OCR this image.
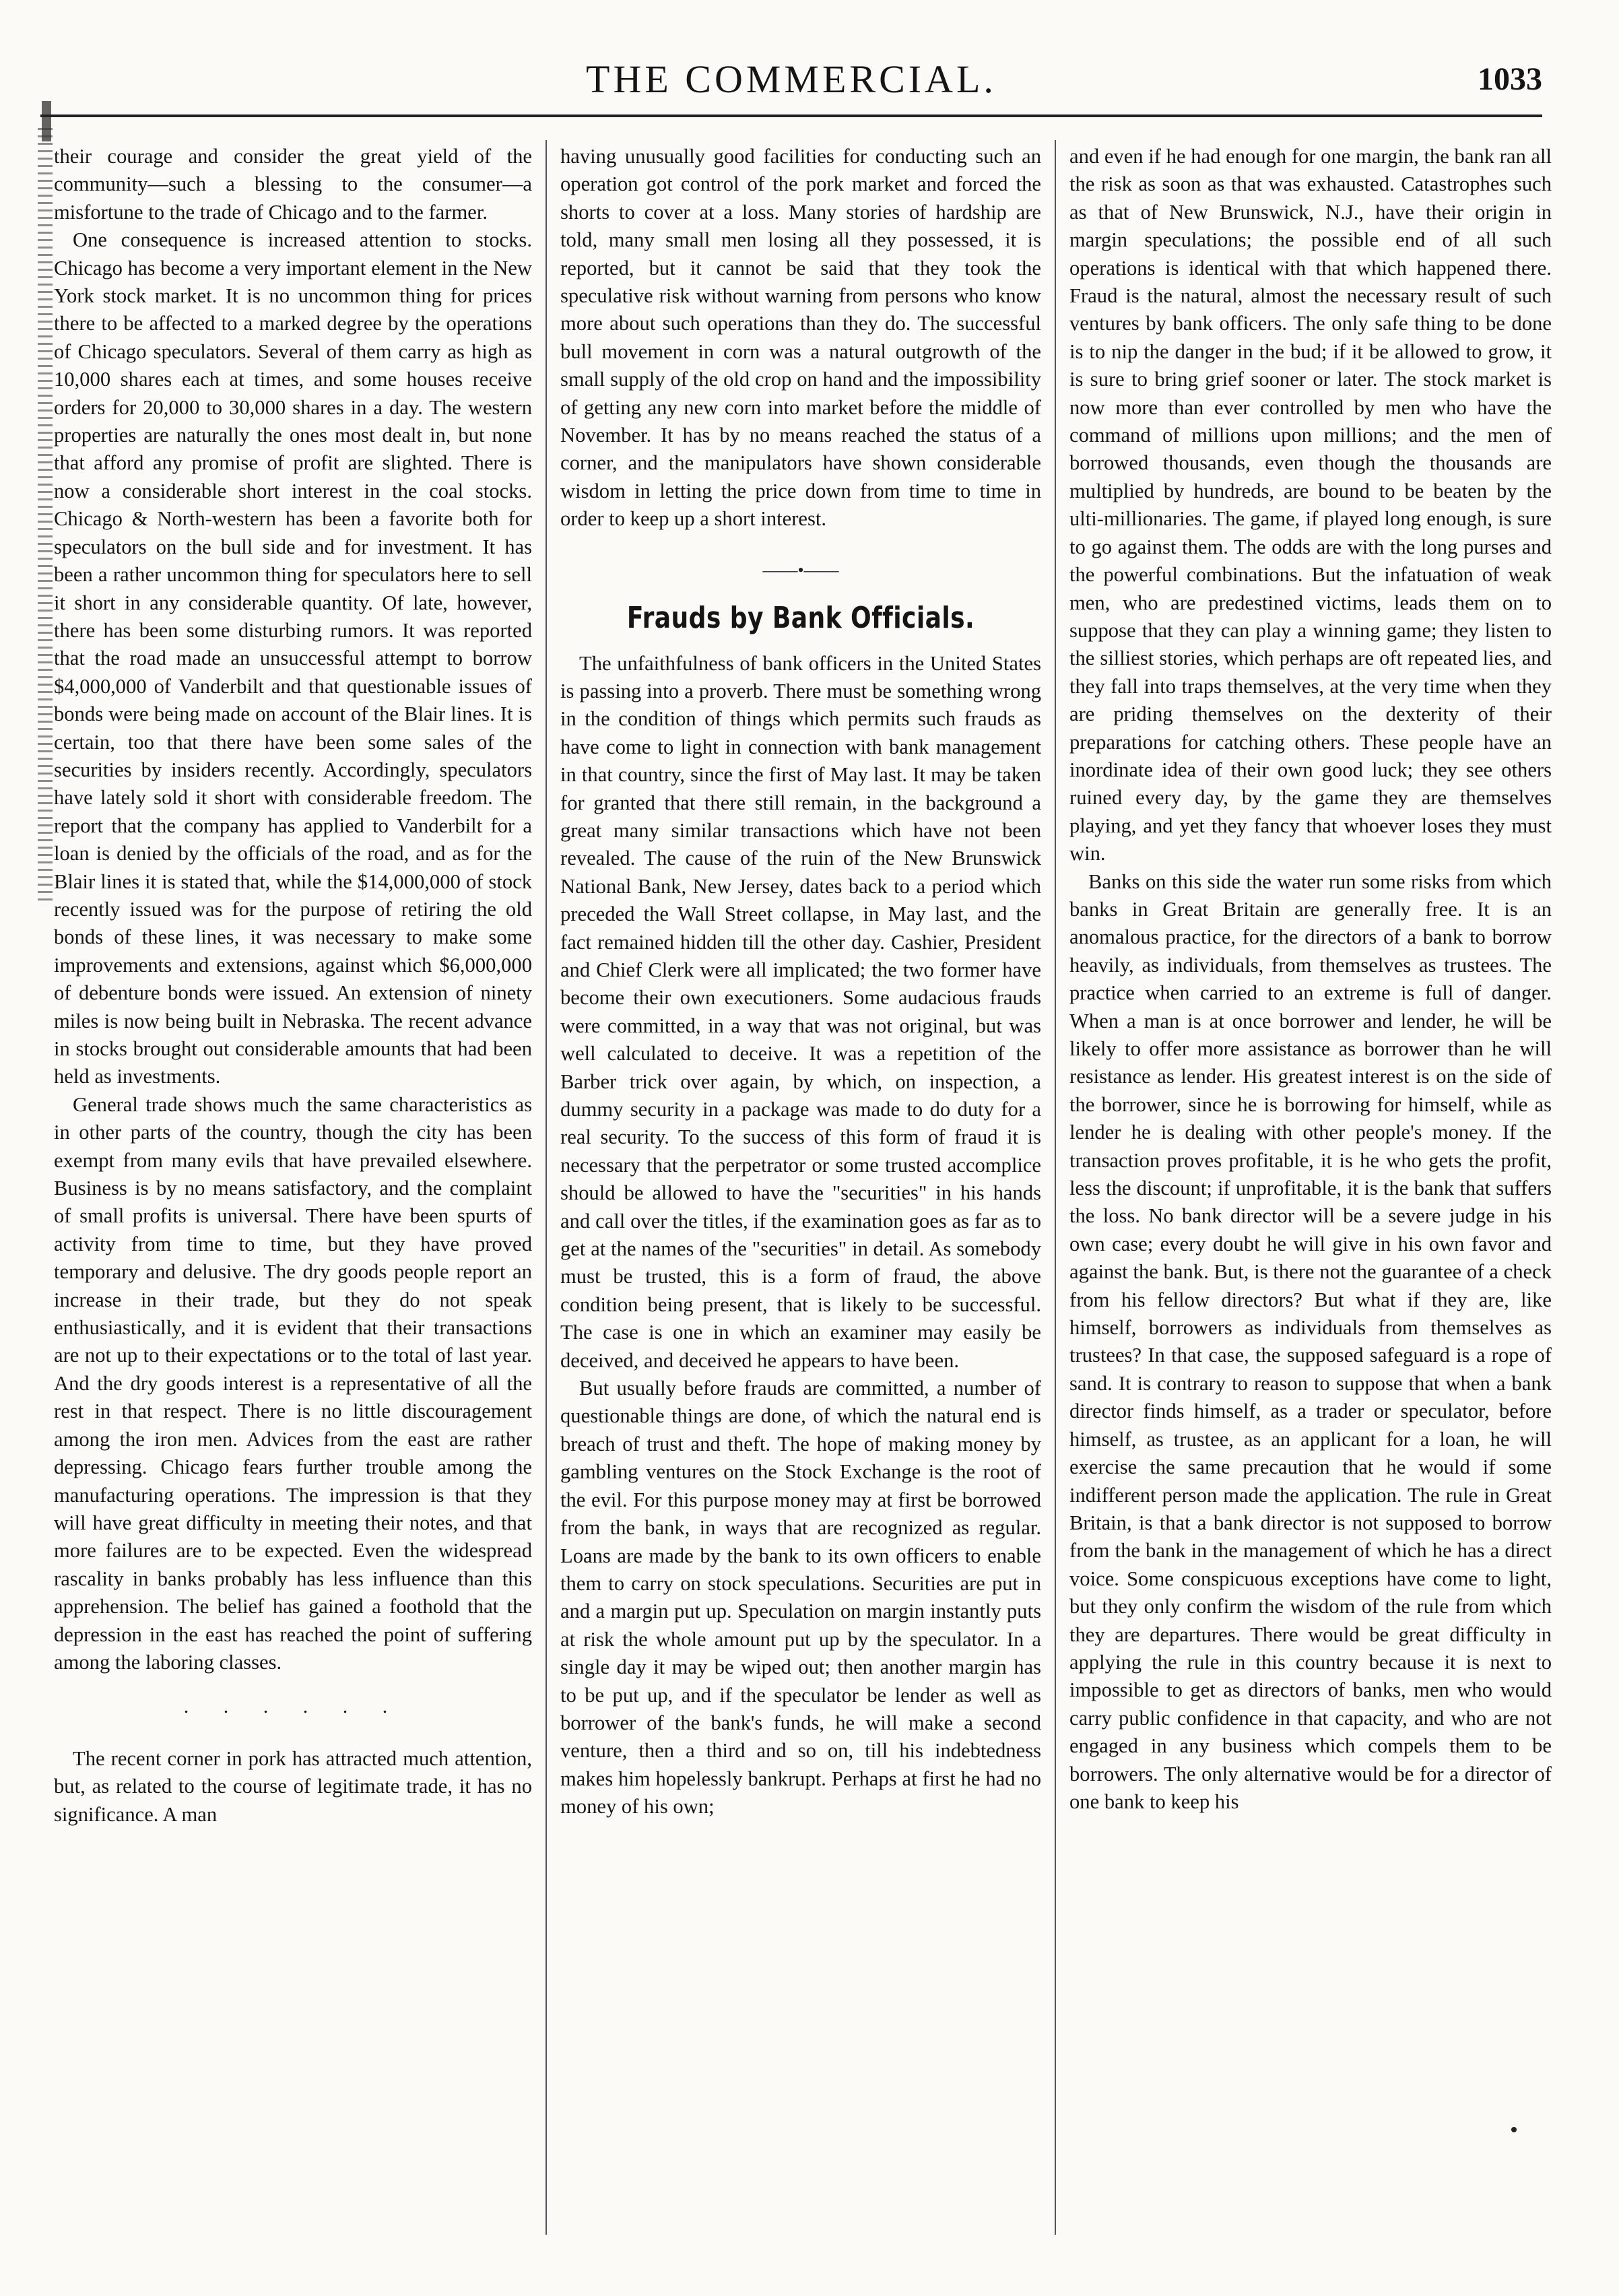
THE COMMERCIAL.	1033

their courage and consider the great yield of the community—such a blessing to the consumer—a misfortune to the trade of Chicago and to the farmer.

One consequence is increased attention to stocks. Chicago has become a very important element in the New York stock market. It is no uncommon thing for prices there to be affected to a marked degree by the operations of Chicago speculators. Several of them carry as high as 10,000 shares each at times, and some houses receive orders for 20,000 to 30,000 shares in a day. The western properties are naturally the ones most dealt in, but none that afford any promise of profit are slighted. There is now a considerable short interest in the coal stocks. Chicago & North-western has been a favorite both for speculators on the bull side and for investment. It has been a rather uncommon thing for speculators here to sell it short in any considerable quantity. Of late, however, there has been some disturbing rumors. It was reported that the road made an unsuccessful attempt to borrow $4,000,000 of Vanderbilt and that questionable issues of bonds were being made on account of the Blair lines. It is certain, too that there have been some sales of the securities by insiders recently. Accordingly, speculators have lately sold it short with considerable freedom. The report that the company has applied to Vanderbilt for a loan is denied by the officials of the road, and as for the Blair lines it is stated that, while the $14,000,000 of stock recently issued was for the purpose of retiring the old bonds of these lines, it was necessary to make some improvements and extensions, against which $6,000,000 of debenture bonds were issued. An extension of ninety miles is now being built in Nebraska. The recent advance in stocks brought out considerable amounts that had been held as investments.

General trade shows much the same characteristics as in other parts of the country, though the city has been exempt from many evils that have prevailed elsewhere. Business is by no means satisfactory, and the complaint of small profits is universal. There have been spurts of activity from time to time, but they have proved temporary and delusive. The dry goods people report an increase in their trade, but they do not speak enthusiastically, and it is evident that their transactions are not up to their expectations or to the total of last year. And the dry goods interest is a representative of all the rest in that respect. There is no little discouragement among the iron men. Advices from the east are rather depressing. Chicago fears further trouble among the manufacturing operations. The impression is that they will have great difficulty in meeting their notes, and that more failures are to be expected. Even the widespread rascality in banks probably has less influence than this apprehension. The belief has gained a foothold that the depression in the east has reached the point of suffering among the laboring classes.

. . . . . .

The recent corner in pork has attracted much attention, but, as related to the course of legitimate trade, it has no significance. A man

having unusually good facilities for conducting such an operation got control of the pork market and forced the shorts to cover at a loss. Many stories of hardship are told, many small men losing all they possessed, it is reported, but it cannot be said that they took the speculative risk without warning from persons who know more about such operations than they do. The successful bull movement in corn was a natural outgrowth of the small supply of the old crop on hand and the impossibility of getting any new corn into market before the middle of November. It has by no means reached the status of a corner, and the manipulators have shown considerable wisdom in letting the price down from time to time in order to keep up a short interest.

——•——
Frauds by Bank Officials.

The unfaithfulness of bank officers in the United States is passing into a proverb. There must be something wrong in the condition of things which permits such frauds as have come to light in connection with bank management in that country, since the first of May last. It may be taken for granted that there still remain, in the background a great many similar transactions which have not been revealed. The cause of the ruin of the New Brunswick National Bank, New Jersey, dates back to a period which preceded the Wall Street collapse, in May last, and the fact remained hidden till the other day. Cashier, President and Chief Clerk were all implicated; the two former have become their own executioners. Some audacious frauds were committed, in a way that was not original, but was well calculated to deceive. It was a repetition of the Barber trick over again, by which, on inspection, a dummy security in a package was made to do duty for a real security. To the success of this form of fraud it is necessary that the perpetrator or some trusted accomplice should be allowed to have the "securities" in his hands and call over the titles, if the examination goes as far as to get at the names of the "securities" in detail. As somebody must be trusted, this is a form of fraud, the above condition being present, that is likely to be successful. The case is one in which an examiner may easily be deceived, and deceived he appears to have been.

But usually before frauds are committed, a number of questionable things are done, of which the natural end is breach of trust and theft. The hope of making money by gambling ventures on the Stock Exchange is the root of the evil. For this purpose money may at first be borrowed from the bank, in ways that are recognized as regular. Loans are made by the bank to its own officers to enable them to carry on stock speculations. Securities are put in and a margin put up. Speculation on margin instantly puts at risk the whole amount put up by the speculator. In a single day it may be wiped out; then another margin has to be put up, and if the speculator be lender as well as borrower of the bank's funds, he will make a second venture, then a third and so on, till his indebtedness makes him hopelessly bankrupt. Perhaps at first he had no money of his own;

and even if he had enough for one margin, the bank ran all the risk as soon as that was exhausted. Catastrophes such as that of New Brunswick, N.J., have their origin in margin speculations; the possible end of all such operations is identical with that which happened there. Fraud is the natural, almost the necessary result of such ventures by bank officers. The only safe thing to be done is to nip the danger in the bud; if it be allowed to grow, it is sure to bring grief sooner or later. The stock market is now more than ever controlled by men who have the command of millions upon millions; and the men of borrowed thousands, even though the thousands are multiplied by hundreds, are bound to be beaten by the ulti-millionaries. The game, if played long enough, is sure to go against them. The odds are with the long purses and the powerful combinations. But the infatuation of weak men, who are predestined victims, leads them on to suppose that they can play a winning game; they listen to the silliest stories, which perhaps are oft repeated lies, and they fall into traps themselves, at the very time when they are priding themselves on the dexterity of their preparations for catching others. These people have an inordinate idea of their own good luck; they see others ruined every day, by the game they are themselves playing, and yet they fancy that whoever loses they must win.

Banks on this side the water run some risks from which banks in Great Britain are generally free. It is an anomalous practice, for the directors of a bank to borrow heavily, as individuals, from themselves as trustees. The practice when carried to an extreme is full of danger. When a man is at once borrower and lender, he will be likely to offer more assistance as borrower than he will resistance as lender. His greatest interest is on the side of the borrower, since he is borrowing for himself, while as lender he is dealing with other people's money. If the transaction proves profitable, it is he who gets the profit, less the discount; if unprofitable, it is the bank that suffers the loss. No bank director will be a severe judge in his own case; every doubt he will give in his own favor and against the bank. But, is there not the guarantee of a check from his fellow directors? But what if they are, like himself, borrowers as individuals from themselves as trustees? In that case, the supposed safeguard is a rope of sand. It is contrary to reason to suppose that when a bank director finds himself, as a trader or speculator, before himself, as trustee, as an applicant for a loan, he will exercise the same precaution that he would if some indifferent person made the application. The rule in Great Britain, is that a bank director is not supposed to borrow from the bank in the management of which he has a direct voice. Some conspicuous exceptions have come to light, but they only confirm the wisdom of the rule from which they are departures. There would be great difficulty in applying the rule in this country because it is next to impossible to get as directors of banks, men who would carry public confidence in that capacity, and who are not engaged in any business which compels them to be borrowers. The only alternative would be for a director of one bank to keep his
